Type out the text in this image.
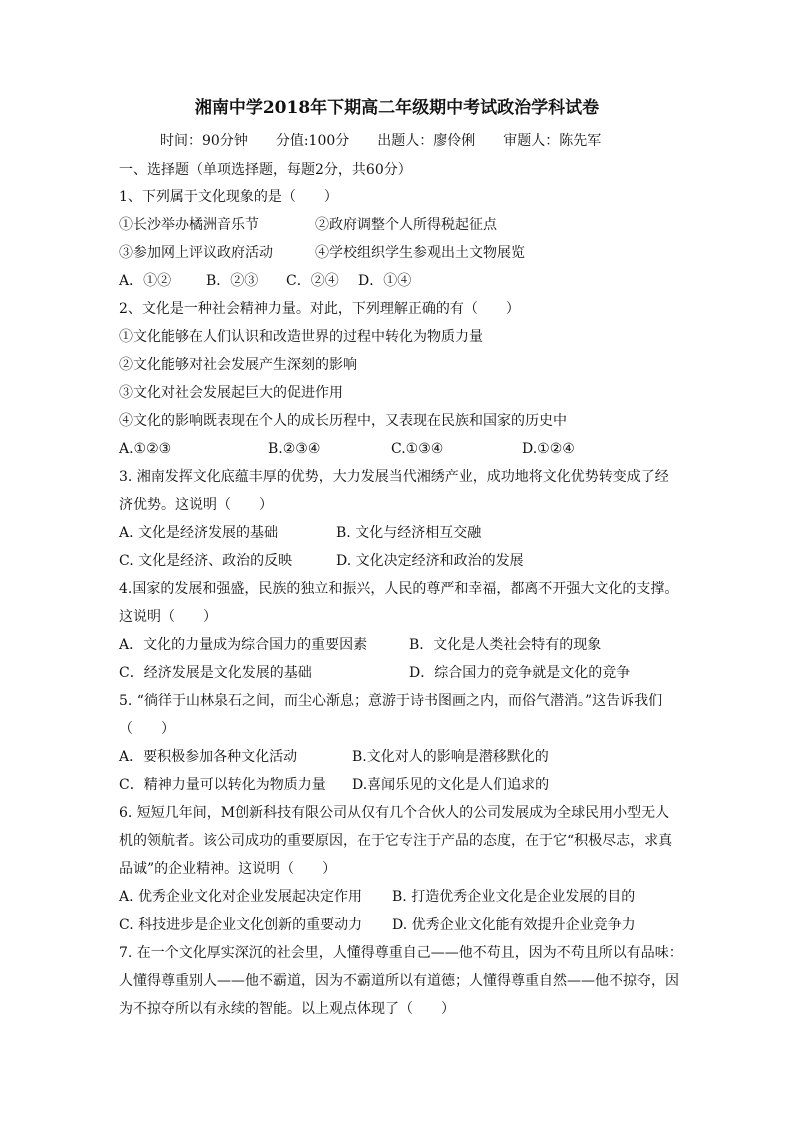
湘南中学2018年下期高二年级期中考试政治学科试卷
时间：90分钟 分值:100分 出题人：廖伶俐 审题人：陈先军
一、选择题（单项选择题，每题2分，共60分）
1、下列属于文化现象的是（　　）
①长沙举办橘洲音乐节	②政府调整个人所得税起征点
③参加网上评议政府活动	④学校组织学生参观出土文物展览
A．①② B．②③ C．②④ D．①④
2、文化是一种社会精神力量。对此，下列理解正确的有（　　）
①文化能够在人们认识和改造世界的过程中转化为物质力量
②文化能够对社会发展产生深刻的影响
③文化对社会发展起巨大的促进作用
④文化的影响既表现在个人的成长历程中，又表现在民族和国家的历史中
A.①②③	B.②③④	C.①③④	D.①②④
3. 湘南发挥文化底蕴丰厚的优势，大力发展当代湘绣产业，成功地将文化优势转变成了经
济优势。这说明（　　）
A. 文化是经济发展的基础	B. 文化与经济相互交融
C. 文化是经济、政治的反映	D. 文化决定经济和政治的发展
4.国家的发展和强盛，民族的独立和振兴，人民的尊严和幸福，都离不开强大文化的支撑。
这说明（　　）
A．文化的力量成为综合国力的重要因素	B．文化是人类社会特有的现象
C．经济发展是文化发展的基础	D．综合国力的竞争就是文化的竞争
5. “徜徉于山林泉石之间，而尘心渐息；意游于诗书图画之内，而俗气潜消。”这告诉我们
（　　）
A．要积极参加各种文化活动	B.文化对人的影响是潜移默化的
C．精神力量可以转化为物质力量 D.喜闻乐见的文化是人们追求的
6. 短短几年间，M创新科技有限公司从仅有几个合伙人的公司发展成为全球民用小型无人
机的领航者。该公司成功的重要原因，在于它专注于产品的态度，在于它“积极尽志，求真
品诚”的企业精神。这说明（　　）
A. 优秀企业文化对企业发展起决定作用 B. 打造优秀企业文化是企业发展的目的
C. 科技进步是企业文化创新的重要动力 D. 优秀企业文化能有效提升企业竞争力
7. 在一个文化厚实深沉的社会里，人懂得尊重自己——他不苟且，因为不苟且所以有品味：
人懂得尊重别人——他不霸道，因为不霸道所以有道德；人懂得尊重自然——他不掠夺，因
为不掠夺所以有永续的智能。以上观点体现了（　　）
